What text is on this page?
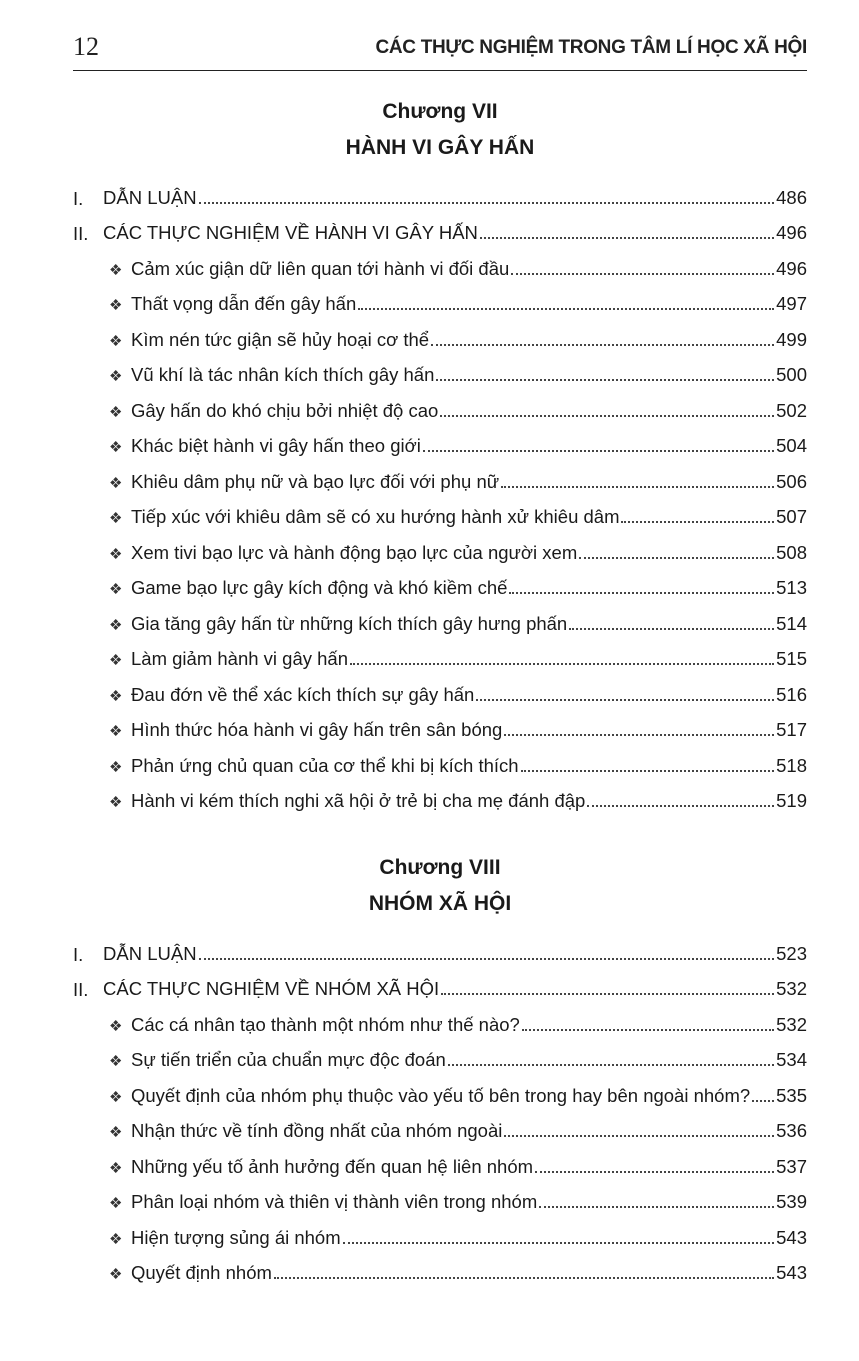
12	CÁC THỰC NGHIỆM TRONG TÂM LÍ HỌC XÃ HỘI
Chương VII
HÀNH VI GÂY HẤN
I.	DẪN LUẬN	486
II. CÁC THỰC NGHIỆM VỀ HÀNH VI GÂY HẤN	496
❖ Cảm xúc giận dữ liên quan tới hành vi đối đầu	496
❖ Thất vọng dẫn đến gây hấn	497
❖ Kìm nén tức giận sẽ hủy hoại cơ thể	499
❖ Vũ khí là tác nhân kích thích gây hấn	500
❖ Gây hấn do khó chịu bởi nhiệt độ cao	502
❖ Khác biệt hành vi gây hấn theo giới	504
❖ Khiêu dâm phụ nữ và bạo lực đối với phụ nữ	506
❖ Tiếp xúc với khiêu dâm sẽ có xu hướng hành xử khiêu dâm	507
❖ Xem tivi bạo lực và hành động bạo lực của người xem	508
❖ Game bạo lực gây kích động và khó kiềm chế	513
❖ Gia tăng gây hấn từ những kích thích gây hưng phấn	514
❖ Làm giảm hành vi gây hấn	515
❖ Đau đớn về thể xác kích thích sự gây hấn	516
❖ Hình thức hóa hành vi gây hấn trên sân bóng	517
❖ Phản ứng chủ quan của cơ thể khi bị kích thích	518
❖ Hành vi kém thích nghi xã hội ở trẻ bị cha mẹ đánh đập	519
Chương VIII
NHÓM XÃ HỘI
I.	DẪN LUẬN	523
II. CÁC THỰC NGHIỆM VỀ NHÓM XÃ HỘI	532
❖ Các cá nhân tạo thành một nhóm như thế nào?	532
❖ Sự tiến triển của chuẩn mực độc đoán	534
❖ Quyết định của nhóm phụ thuộc vào yếu tố bên trong hay bên ngoài nhóm? 535
❖ Nhận thức về tính đồng nhất của nhóm ngoài	536
❖ Những yếu tố ảnh hưởng đến quan hệ liên nhóm	537
❖ Phân loại nhóm và thiên vị thành viên trong nhóm	539
❖ Hiện tượng sủng ái nhóm	543
❖ Quyết định nhóm	543
